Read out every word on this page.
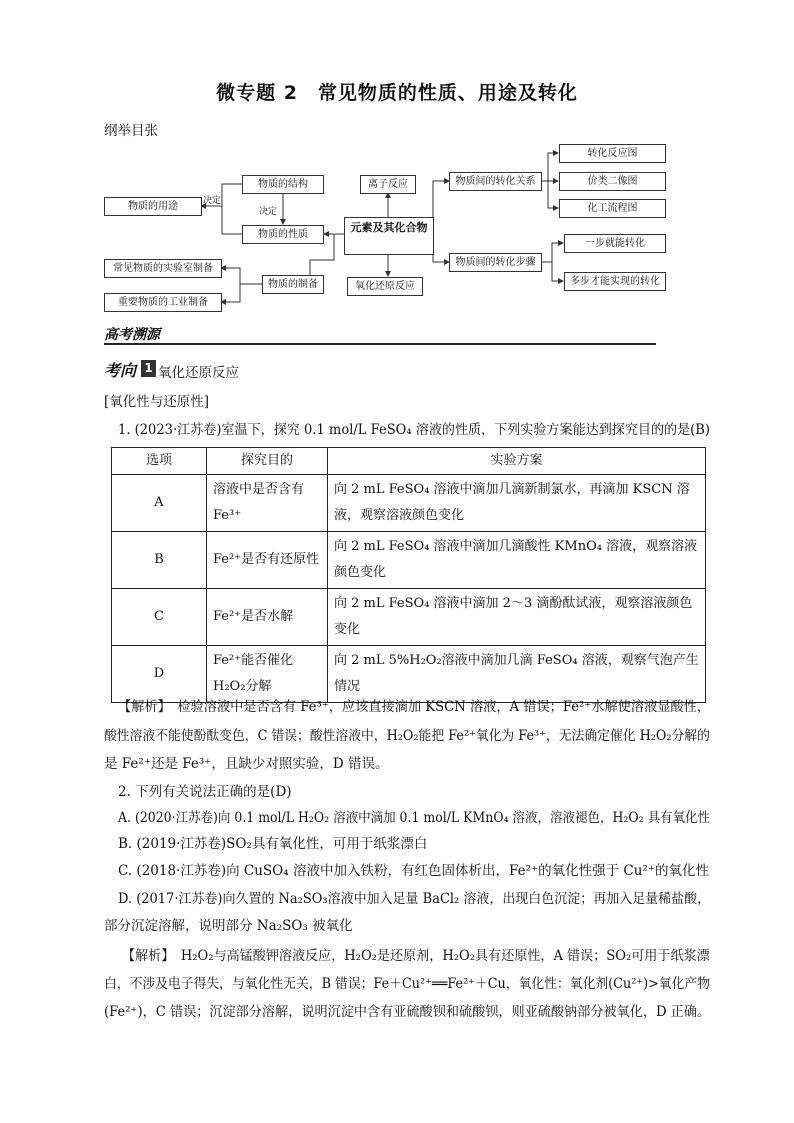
微专题 2　常见物质的性质、用途及转化
纲举目张
物质的用途	决定
物质的结构
决定
物质的性质
物质的制备
常见物质的实验室制备
重要物质的工业制备
离子反应
元素及其化合物
氧化还原反应
物质间的转化关系
物质间的转化步骤
转化反应图
价类二像图
化工流程图
一步就能转化
多步才能实现的转化
高考溯源
考向 1 氧化还原反应
[氧化性与还原性]
1. (2023·江苏卷)室温下，探究 0.1 mol/L FeSO₄ 溶液的性质，下列实验方案能达到探究目的的是(B)
选项	探究目的	实验方案
A	溶液中是否含有 Fe³⁺	向 2 mL FeSO₄ 溶液中滴加几滴新制氯水，再滴加 KSCN 溶液，观察溶液颜色变化
B	Fe²⁺是否有还原性	向 2 mL FeSO₄ 溶液中滴加几滴酸性 KMnO₄ 溶液，观察溶液颜色变化
C	Fe²⁺是否水解	向 2 mL FeSO₄ 溶液中滴加 2～3 滴酚酞试液，观察溶液颜色变化
D	Fe²⁺能否催化 H₂O₂分解	向 2 mL 5%H₂O₂溶液中滴加几滴 FeSO₄ 溶液，观察气泡产生情况
【解析】　检验溶液中是否含有 Fe³⁺，应该直接滴加 KSCN 溶液，A 错误；Fe²⁺水解使溶液显酸性，
酸性溶液不能使酚酞变色，C 错误；酸性溶液中，H₂O₂能把 Fe²⁺氧化为 Fe³⁺，无法确定催化 H₂O₂分解的
是 Fe²⁺还是 Fe³⁺，且缺少对照实验，D 错误。
2. 下列有关说法正确的是(D)
A. (2020·江苏卷)向 0.1 mol/L H₂O₂ 溶液中滴加 0.1 mol/L KMnO₄ 溶液，溶液褪色，H₂O₂ 具有氧化性
B. (2019·江苏卷)SO₂具有氧化性，可用于纸浆漂白
C. (2018·江苏卷)向 CuSO₄ 溶液中加入铁粉，有红色固体析出，Fe²⁺的氧化性强于 Cu²⁺的氧化性
D. (2017·江苏卷)向久置的 Na₂SO₃溶液中加入足量 BaCl₂ 溶液，出现白色沉淀；再加入足量稀盐酸，
部分沉淀溶解，说明部分 Na₂SO₃ 被氧化
【解析】　H₂O₂与高锰酸钾溶液反应，H₂O₂是还原剂，H₂O₂具有还原性，A 错误；SO₂可用于纸浆漂
白，不涉及电子得失，与氧化性无关，B 错误；Fe＋Cu²⁺══Fe²⁺＋Cu，氧化性：氧化剂(Cu²⁺)>氧化产物
(Fe²⁺)，C 错误；沉淀部分溶解，说明沉淀中含有亚硫酸钡和硫酸钡，则亚硫酸钠部分被氧化，D 正确。
